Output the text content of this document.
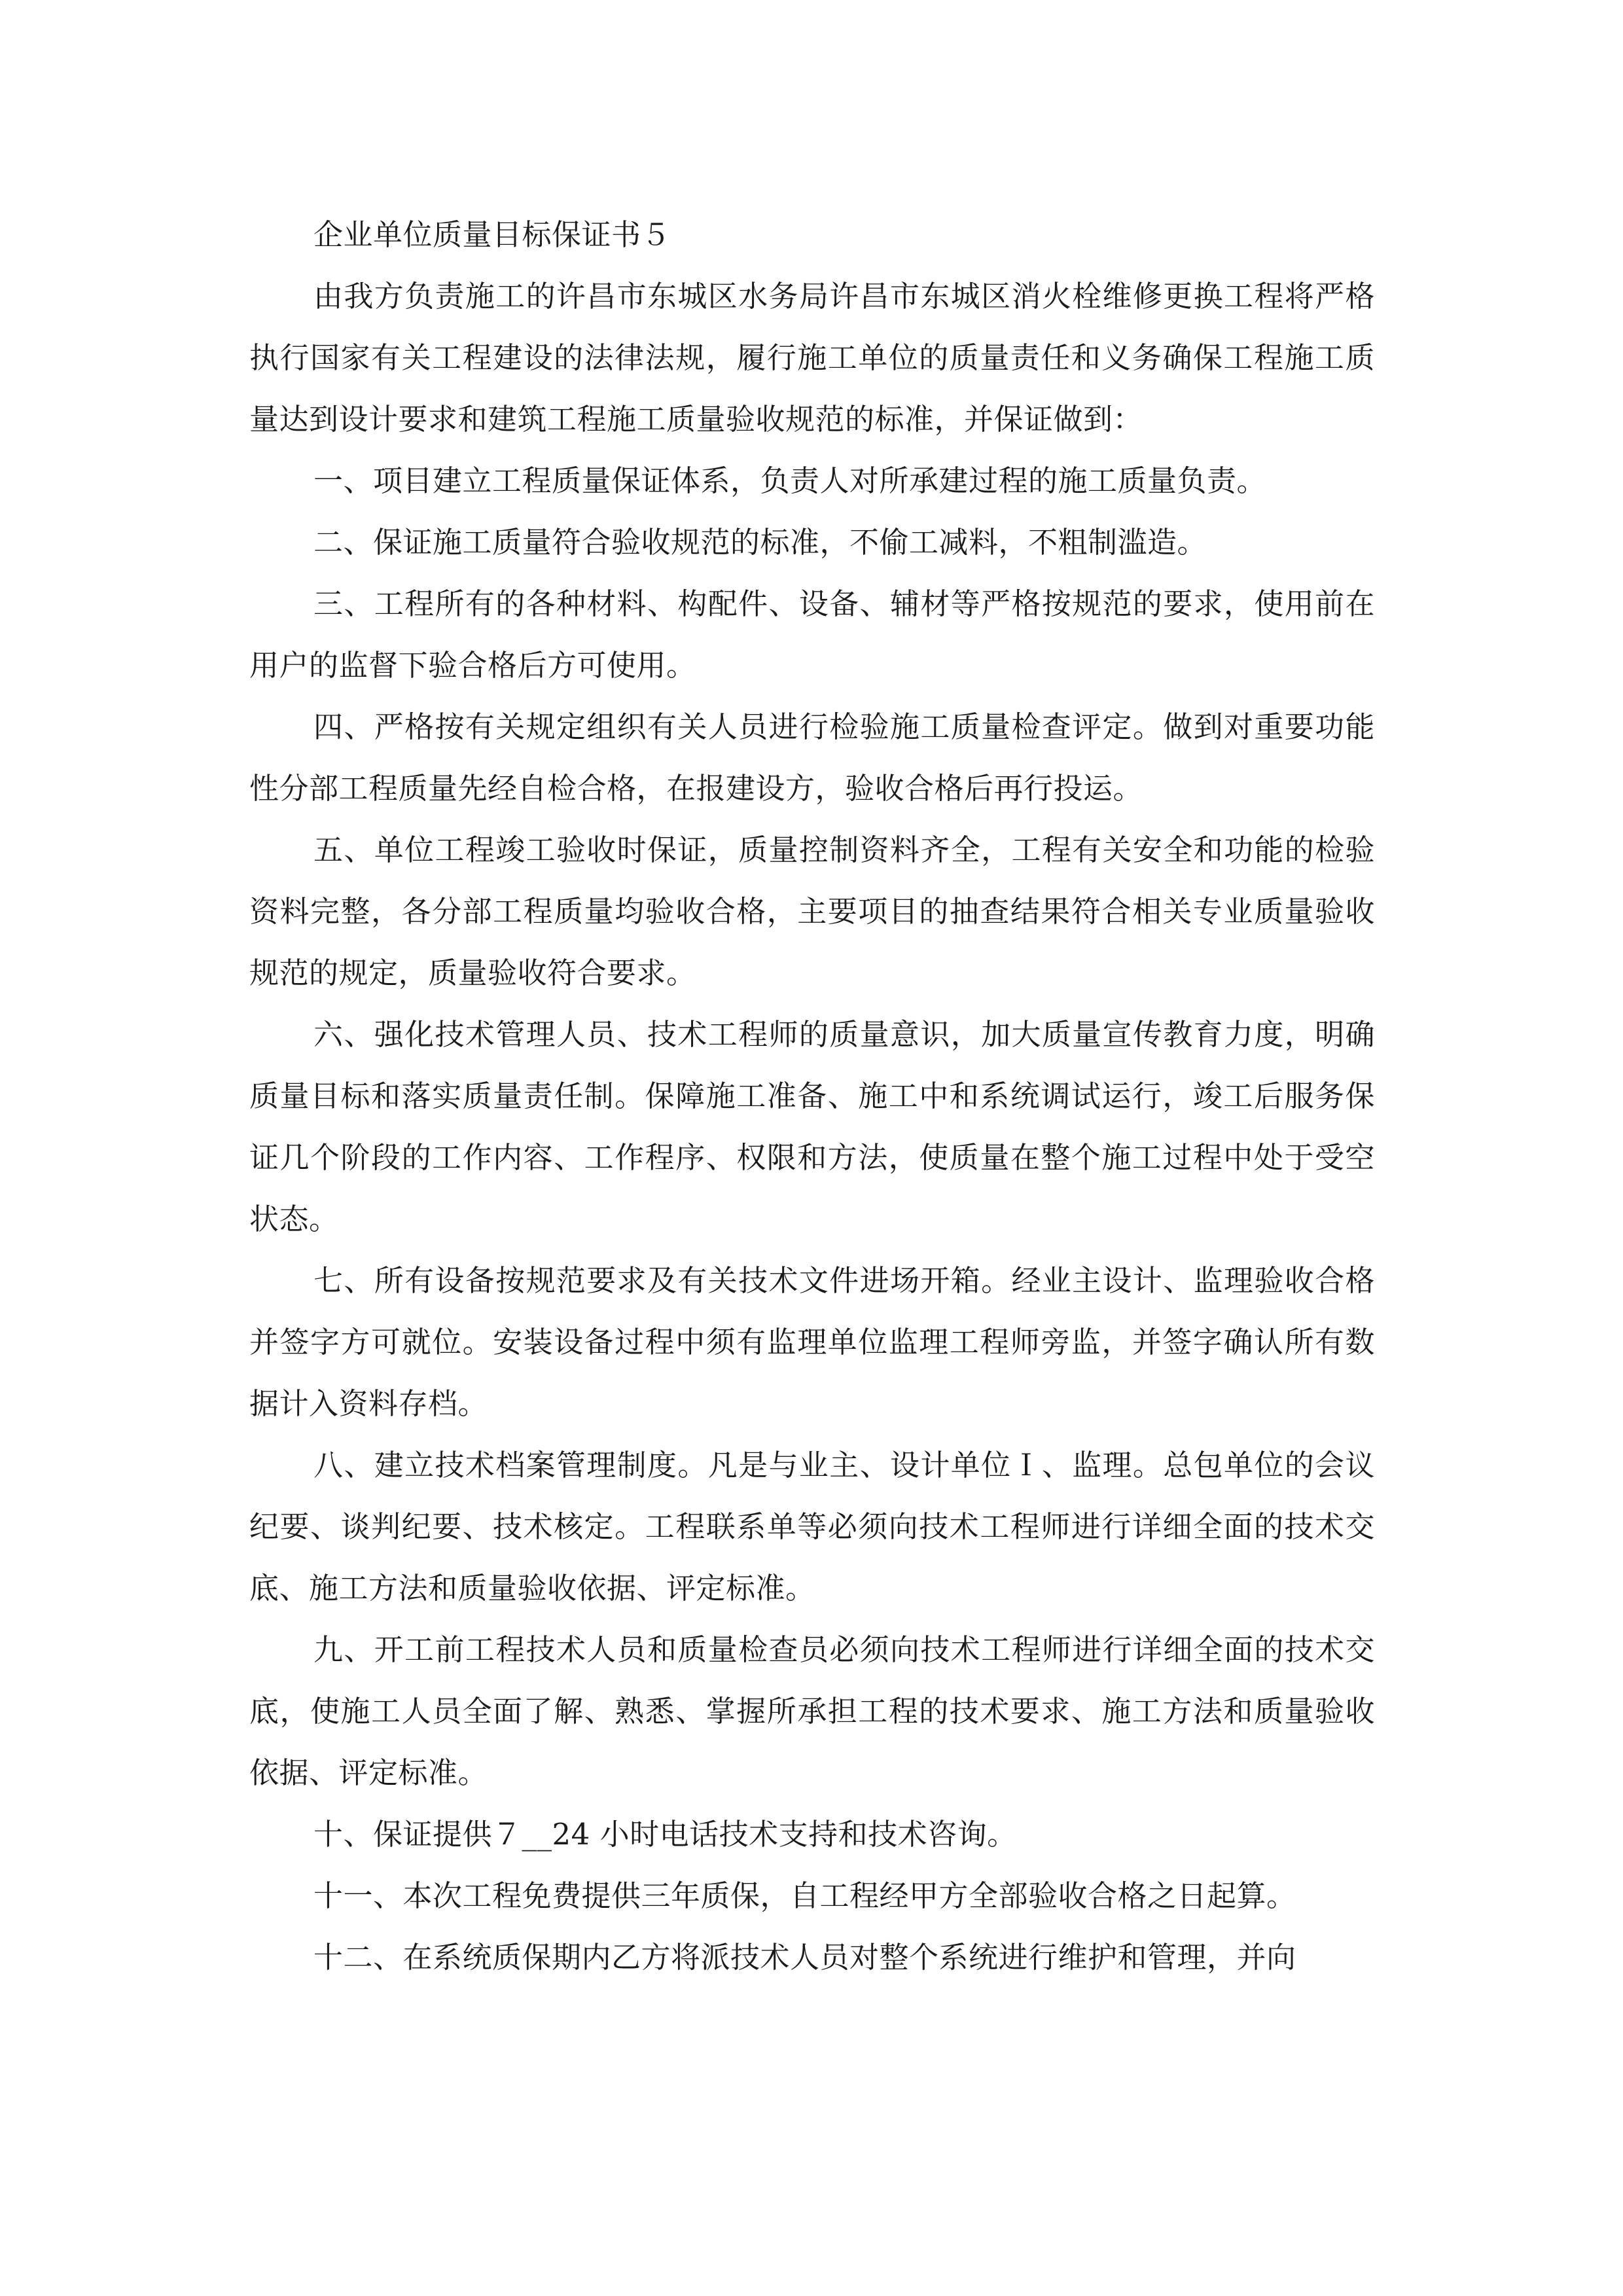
企业单位质量目标保证书５

由我方负责施工的许昌市东城区水务局许昌市东城区消火栓维修更换工程将严格执行国家有关工程建设的法律法规，履行施工单位的质量责任和义务确保工程施工质量达到设计要求和建筑工程施工质量验收规范的标准，并保证做到：

一、项目建立工程质量保证体系，负责人对所承建过程的施工质量负责。

二、保证施工质量符合验收规范的标准，不偷工减料，不粗制滥造。

三、工程所有的各种材料、构配件、设备、辅材等严格按规范的要求，使用前在用户的监督下验合格后方可使用。

四、严格按有关规定组织有关人员进行检验施工质量检查评定。做到对重要功能性分部工程质量先经自检合格，在报建设方，验收合格后再行投运。

五、单位工程竣工验收时保证，质量控制资料齐全，工程有关安全和功能的检验资料完整，各分部工程质量均验收合格，主要项目的抽查结果符合相关专业质量验收规范的规定，质量验收符合要求。

六、强化技术管理人员、技术工程师的质量意识，加大质量宣传教育力度，明确质量目标和落实质量责任制。保障施工准备、施工中和系统调试运行，竣工后服务保证几个阶段的工作内容、工作程序、权限和方法，使质量在整个施工过程中处于受空状态。

七、所有设备按规范要求及有关技术文件进场开箱。经业主设计、监理验收合格并签字方可就位。安装设备过程中须有监理单位监理工程师旁监，并签字确认所有数据计入资料存档。

八、建立技术档案管理制度。凡是与业主、设计单位Ｉ、监理。总包单位的会议纪要、谈判纪要、技术核定。工程联系单等必须向技术工程师进行详细全面的技术交底、施工方法和质量验收依据、评定标准。

九、开工前工程技术人员和质量检查员必须向技术工程师进行详细全面的技术交底，使施工人员全面了解、熟悉、掌握所承担工程的技术要求、施工方法和质量验收依据、评定标准。

十、保证提供７__24 小时电话技术支持和技术咨询。

十一、本次工程免费提供三年质保，自工程经甲方全部验收合格之日起算。

十二、在系统质保期内乙方将派技术人员对整个系统进行维护和管理，并向
